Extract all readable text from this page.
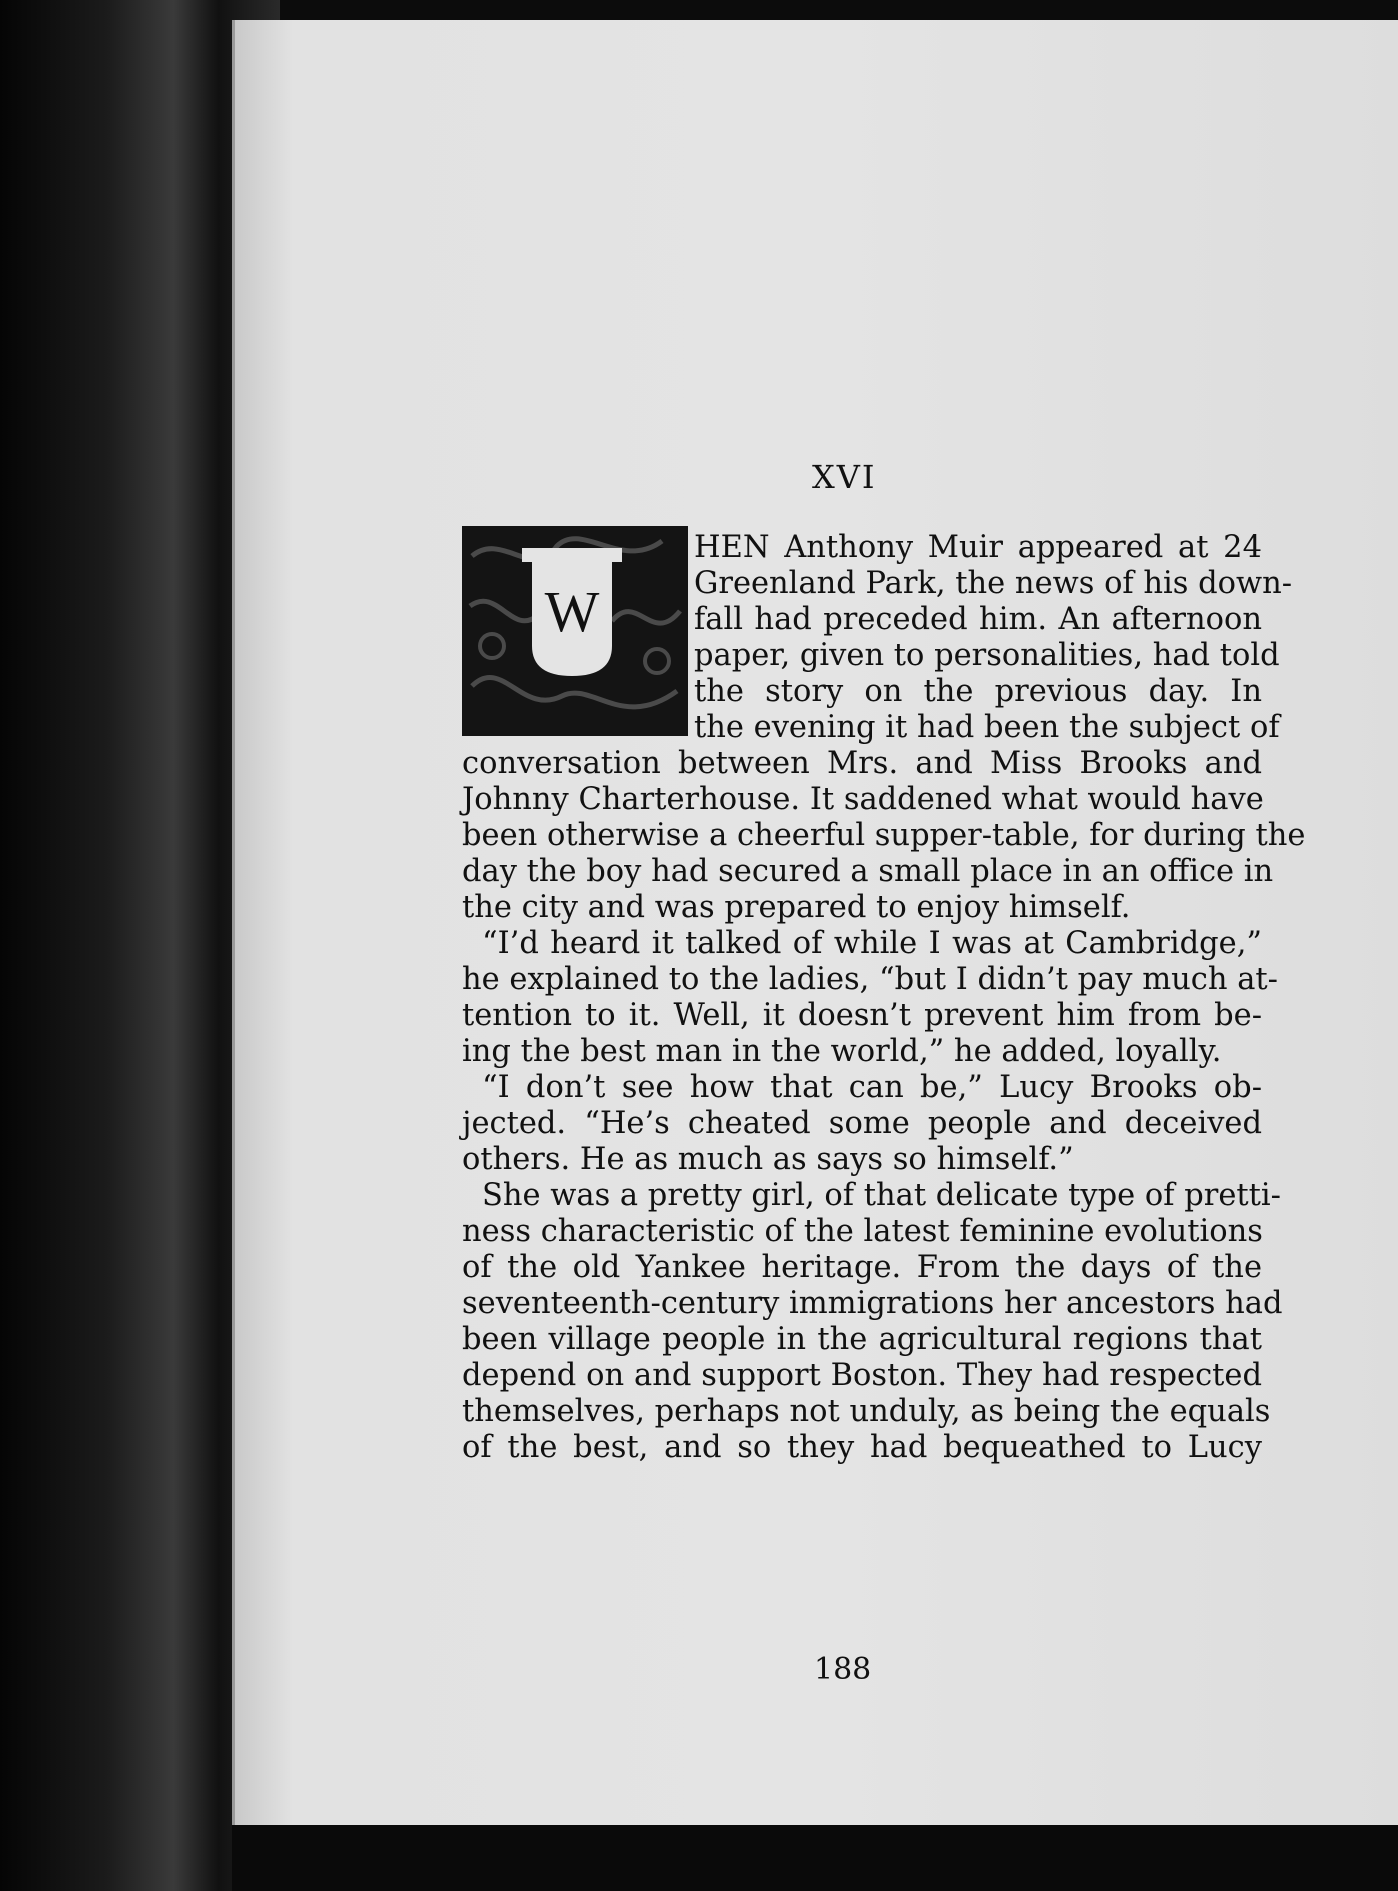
XVI
W
HEN Anthony Muir appeared at 24
Greenland Park, the news of his down-
fall had preceded him. An afternoon
paper, given to personalities, had told
the story on the previous day. In
the evening it had been the subject of
conversation between Mrs. and Miss Brooks and
Johnny Charterhouse. It saddened what would have
been otherwise a cheerful supper-table, for during the
day the boy had secured a small place in an office in
the city and was prepared to enjoy himself.
“I’d heard it talked of while I was at Cambridge,”
he explained to the ladies, “but I didn’t pay much at-
tention to it. Well, it doesn’t prevent him from be-
ing the best man in the world,” he added, loyally.
“I don’t see how that can be,” Lucy Brooks ob-
jected. “He’s cheated some people and deceived
others. He as much as says so himself.”
She was a pretty girl, of that delicate type of pretti-
ness characteristic of the latest feminine evolutions
of the old Yankee heritage. From the days of the
seventeenth-century immigrations her ancestors had
been village people in the agricultural regions that
depend on and support Boston. They had respected
themselves, perhaps not unduly, as being the equals
of the best, and so they had bequeathed to Lucy
188
